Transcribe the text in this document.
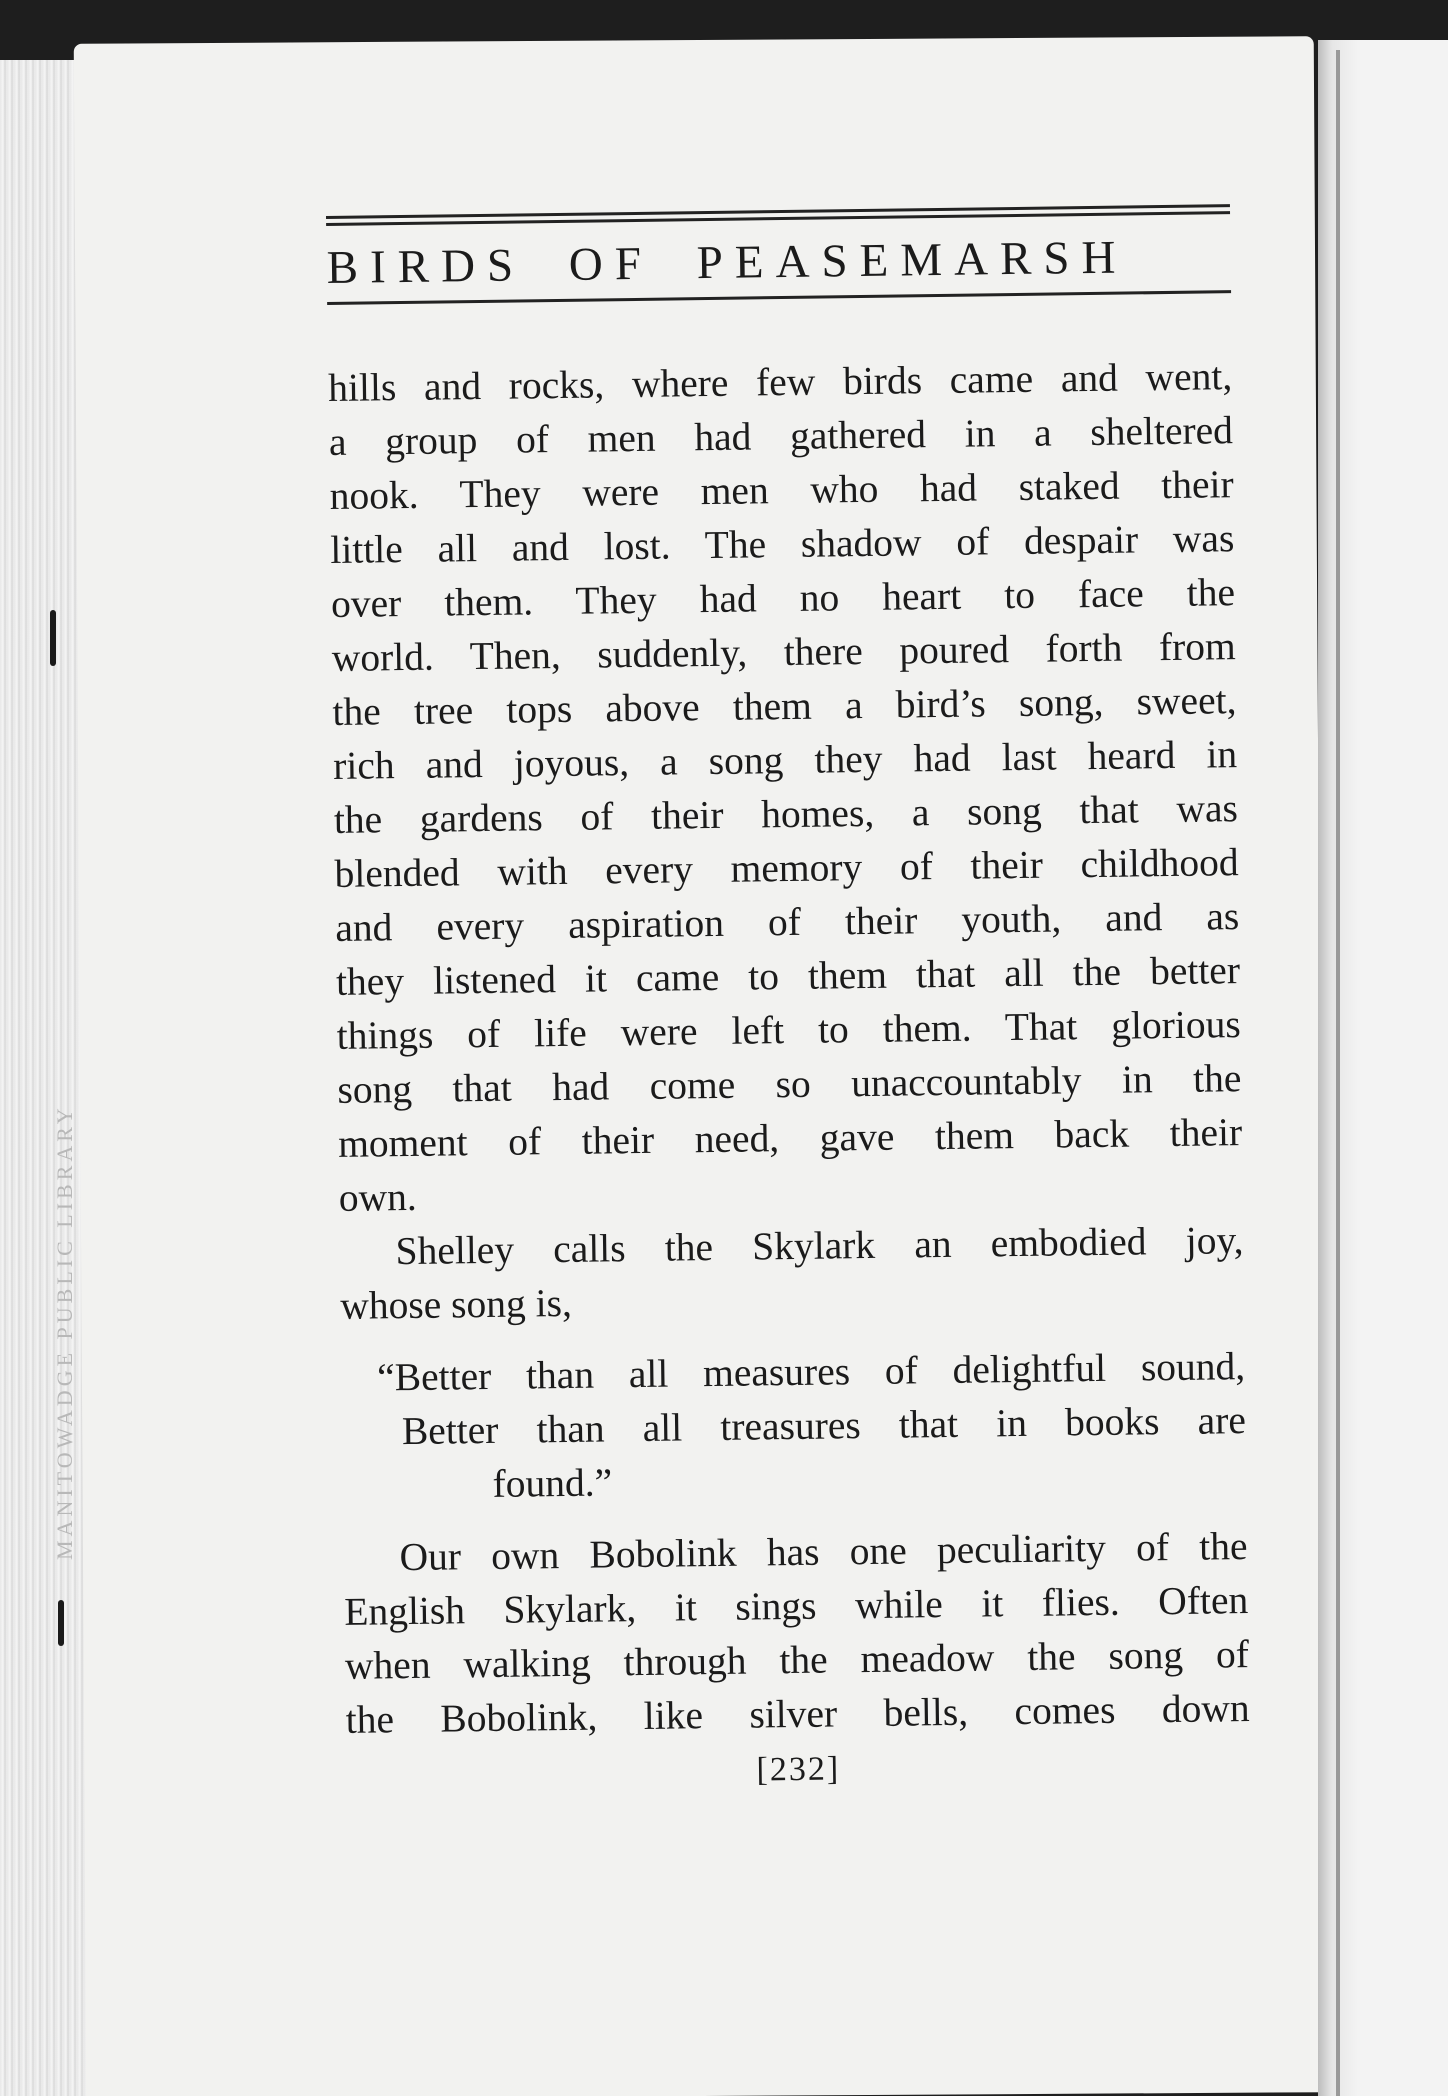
MANITOWADGE PUBLIC LIBRARY
BIRDS OF PEASEMARSH

hills and rocks, where few birds came and went,
a group of men had gathered in a sheltered
nook. They were men who had staked their
little all and lost. The shadow of despair was
over them. They had no heart to face the
world. Then, suddenly, there poured forth from
the tree tops above them a bird’s song, sweet,
rich and joyous, a song they had last heard in
the gardens of their homes, a song that was
blended with every memory of their childhood
and every aspiration of their youth, and as
they listened it came to them that all the better
things of life were left to them. That glorious
song that had come so unaccountably in the
moment of their need, gave them back their
own.

Shelley calls the Skylark an embodied joy,
whose song is,

“Better than all measures of delightful sound,
Better than all treasures that in books are
found.”

Our own Bobolink has one peculiarity of the
English Skylark, it sings while it flies. Often
when walking through the meadow the song of
the Bobolink, like silver bells, comes down

[232]
